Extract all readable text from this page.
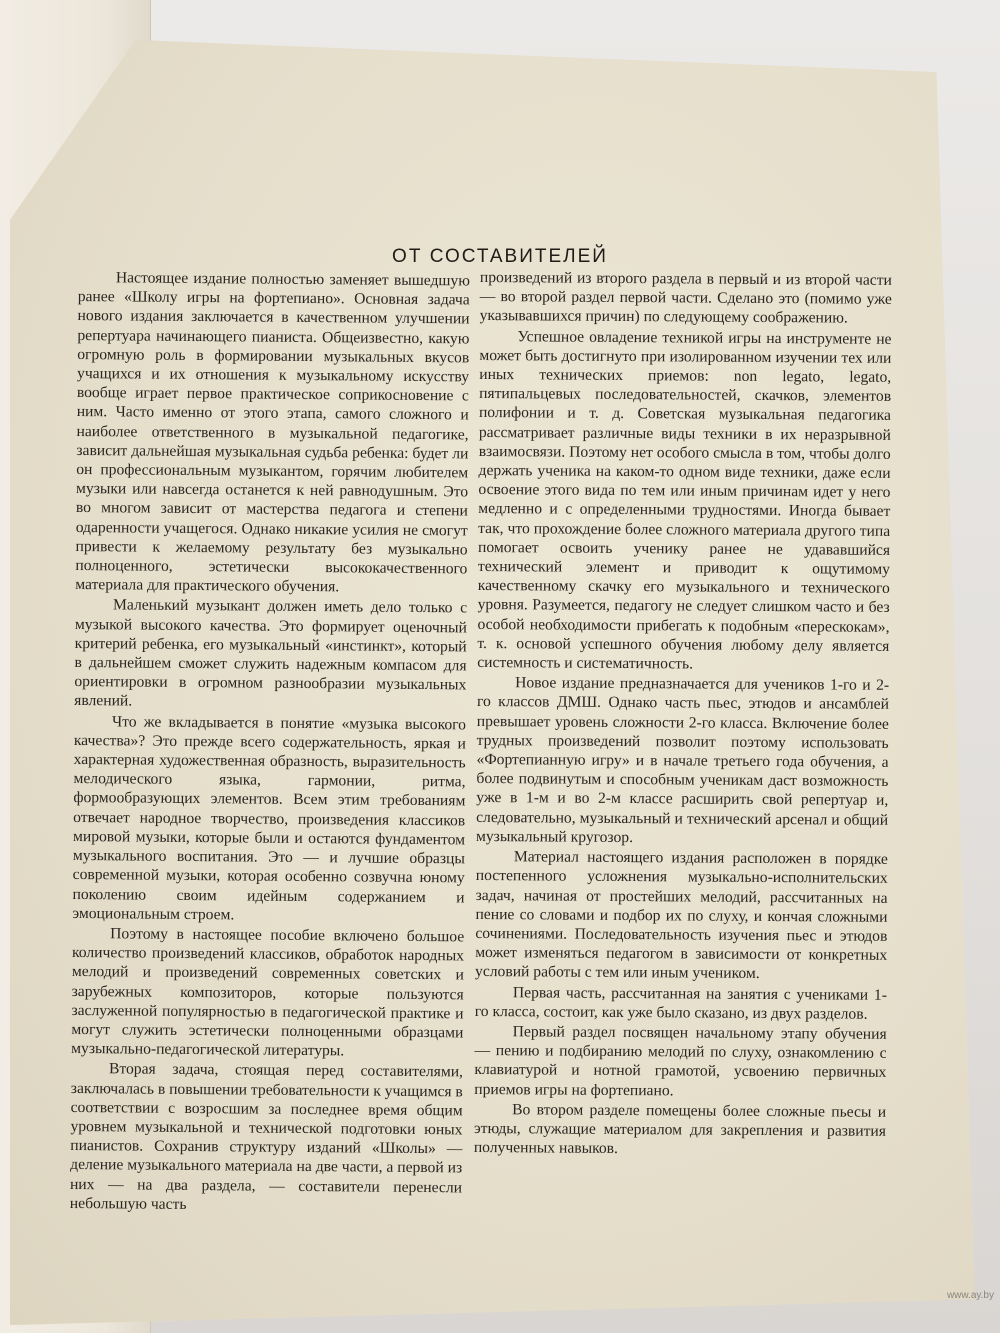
ОТ СОСТАВИТЕЛЕЙ

Настоящее издание полностью заменяет вышедшую ранее «Школу игры на фортепиано». Основная задача нового издания заключается в качественном улучшении репертуара начинающего пианиста. Общеизвестно, какую огромную роль в формировании музыкальных вкусов учащихся и их отношения к музыкальному искусству вообще играет первое практическое соприкосновение с ним. Часто именно от этого этапа, самого сложного и наиболее ответственного в музыкальной педагогике, зависит дальнейшая музыкальная судьба ребенка: будет ли он профессиональным музыкантом, горячим любителем музыки или навсегда останется к ней равнодушным. Это во многом зависит от мастерства педагога и степени одаренности учащегося. Однако никакие усилия не смогут привести к желаемому результату без музыкально полноценного, эстетически высококачественного материала для практического обучения.

Маленький музыкант должен иметь дело только с музыкой высокого качества. Это формирует оценочный критерий ребенка, его музыкальный «инстинкт», который в дальнейшем сможет служить надежным компасом для ориентировки в огромном разнообразии музыкальных явлений.

Что же вкладывается в понятие «музыка высокого качества»? Это прежде всего содержательность, яркая и характерная художественная образность, выразительность мелодического языка, гармонии, ритма, формообразующих элементов. Всем этим требованиям отвечает народное творчество, произведения классиков мировой музыки, которые были и остаются фундаментом музыкального воспитания. Это — и лучшие образцы современной музыки, которая особенно созвучна юному поколению своим идейным содержанием и эмоциональным строем.

Поэтому в настоящее пособие включено большое количество произведений классиков, обработок народных мелодий и произведений современных советских и зарубежных композиторов, которые пользуются заслуженной популярностью в педагогической практике и могут служить эстетически полноценными образцами музыкально-педагогической литературы.

Вторая задача, стоящая перед составителями, заключалась в повышении требовательности к учащимся в соответствии с возросшим за последнее время общим уровнем музыкальной и технической подготовки юных пианистов. Сохранив структуру изданий «Школы» — деление музыкального материала на две части, а первой из них — на два раздела, — составители перенесли небольшую часть

произведений из второго раздела в первый и из второй части — во второй раздел первой части. Сделано это (помимо уже указывавшихся причин) по следующему соображению.

Успешное овладение техникой игры на инструменте не может быть достигнуто при изолированном изучении тех или иных технических приемов: non legato, legato, пятипальцевых последовательностей, скачков, элементов полифонии и т. д. Советская музыкальная педагогика рассматривает различные виды техники в их неразрывной взаимосвязи. Поэтому нет особого смысла в том, чтобы долго держать ученика на каком-то одном виде техники, даже если освоение этого вида по тем или иным причинам идет у него медленно и с определенными трудностями. Иногда бывает так, что прохождение более сложного материала другого типа помогает освоить ученику ранее не удававшийся технический элемент и приводит к ощутимому качественному скачку его музыкального и технического уровня. Разумеется, педагогу не следует слишком часто и без особой необходимости прибегать к подобным «перескокам», т. к. основой успешного обучения любому делу является системность и систематичность.

Новое издание предназначается для учеников 1-го и 2-го классов ДМШ. Однако часть пьес, этюдов и ансамблей превышает уровень сложности 2-го класса. Включение более трудных произведений позволит поэтому использовать «Фортепианную игру» и в начале третьего года обучения, а более подвинутым и способным ученикам даст возможность уже в 1-м и во 2-м классе расширить свой репертуар и, следовательно, музыкальный и технический арсенал и общий музыкальный кругозор.

Материал настоящего издания расположен в порядке постепенного усложнения музыкально-исполнительских задач, начиная от простейших мелодий, рассчитанных на пение со словами и подбор их по слуху, и кончая сложными сочинениями. Последовательность изучения пьес и этюдов может изменяться педагогом в зависимости от конкретных условий работы с тем или иным учеником.

Первая часть, рассчитанная на занятия с учениками 1-го класса, состоит, как уже было сказано, из двух разделов.

Первый раздел посвящен начальному этапу обучения — пению и подбиранию мелодий по слуху, ознакомлению с клавиатурой и нотной грамотой, усвоению первичных приемов игры на фортепиано.

Во втором разделе помещены более сложные пьесы и этюды, служащие материалом для закрепления и развития полученных навыков.

www.ay.by
